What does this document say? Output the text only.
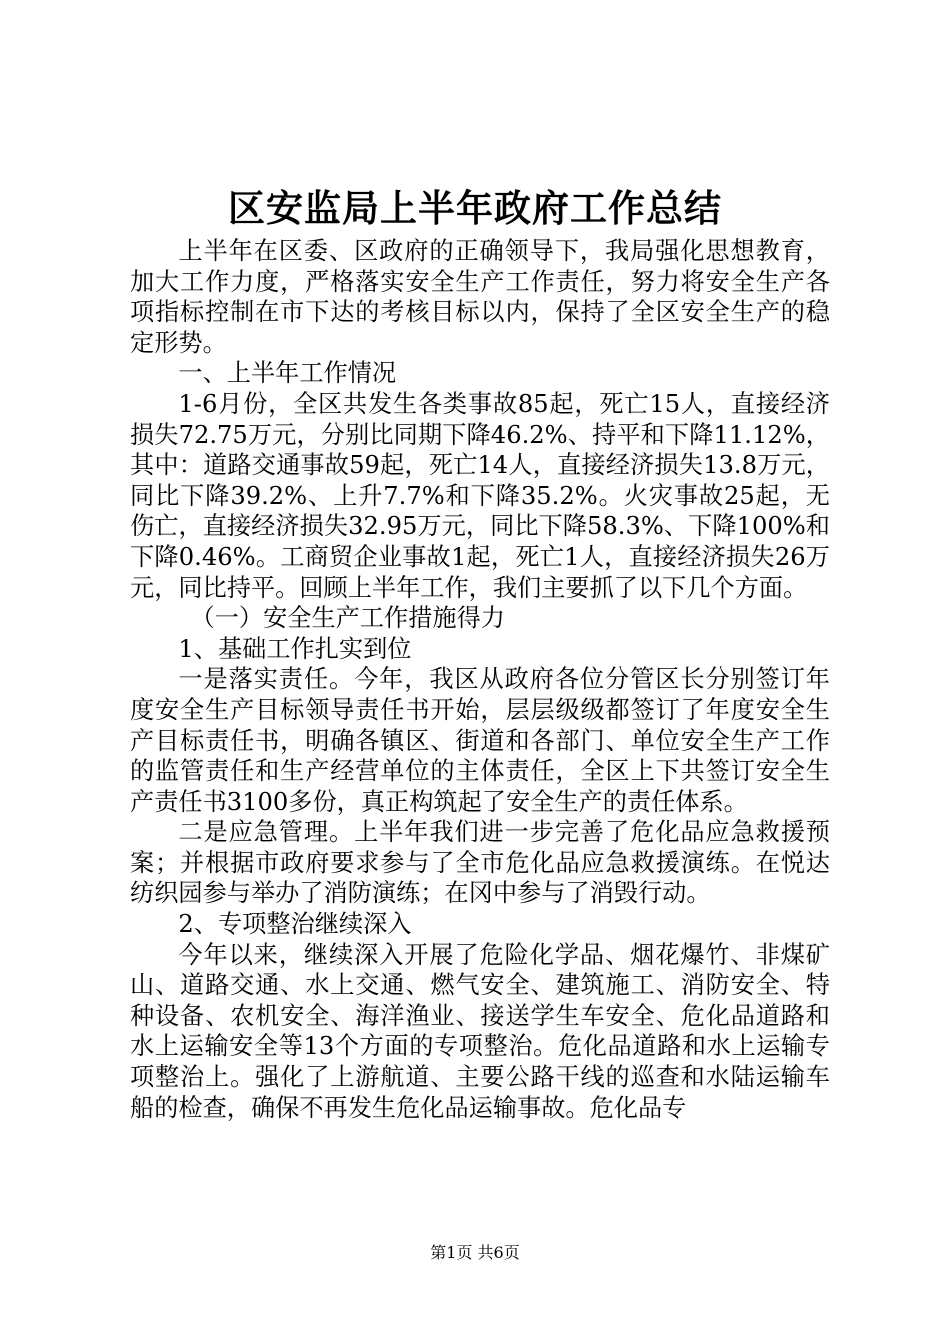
区安监局上半年政府工作总结

上半年在区委、区政府的正确领导下，我局强化思想教育，加大工作力度，严格落实安全生产工作责任，努力将安全生产各项指标控制在市下达的考核目标以内，保持了全区安全生产的稳定形势。

一、上半年工作情况

1-6月份，全区共发生各类事故85起，死亡15人，直接经济损失72.75万元，分别比同期下降46.2%、持平和下降11.12%，其中：道路交通事故59起，死亡14人，直接经济损失13.8万元，同比下降39.2%、上升7.7%和下降35.2%。火灾事故25起，无伤亡，直接经济损失32.95万元，同比下降58.3%、下降100%和下降0.46%。工商贸企业事故1起，死亡1人，直接经济损失26万元，同比持平。回顾上半年工作，我们主要抓了以下几个方面。

（一）安全生产工作措施得力

1、基础工作扎实到位

一是落实责任。今年，我区从政府各位分管区长分别签订年度安全生产目标领导责任书开始，层层级级都签订了年度安全生产目标责任书，明确各镇区、街道和各部门、单位安全生产工作的监管责任和生产经营单位的主体责任，全区上下共签订安全生产责任书3100多份，真正构筑起了安全生产的责任体系。

二是应急管理。上半年我们进一步完善了危化品应急救援预案；并根据市政府要求参与了全市危化品应急救援演练。在悦达纺织园参与举办了消防演练；在冈中参与了消毁行动。

2、专项整治继续深入

今年以来，继续深入开展了危险化学品、烟花爆竹、非煤矿山、道路交通、水上交通、燃气安全、建筑施工、消防安全、特种设备、农机安全、海洋渔业、接送学生车安全、危化品道路和水上运输安全等13个方面的专项整治。危化品道路和水上运输专项整治上。强化了上游航道、主要公路干线的巡查和水陆运输车船的检查，确保不再发生危化品运输事故。危化品专

第1页 共6页
